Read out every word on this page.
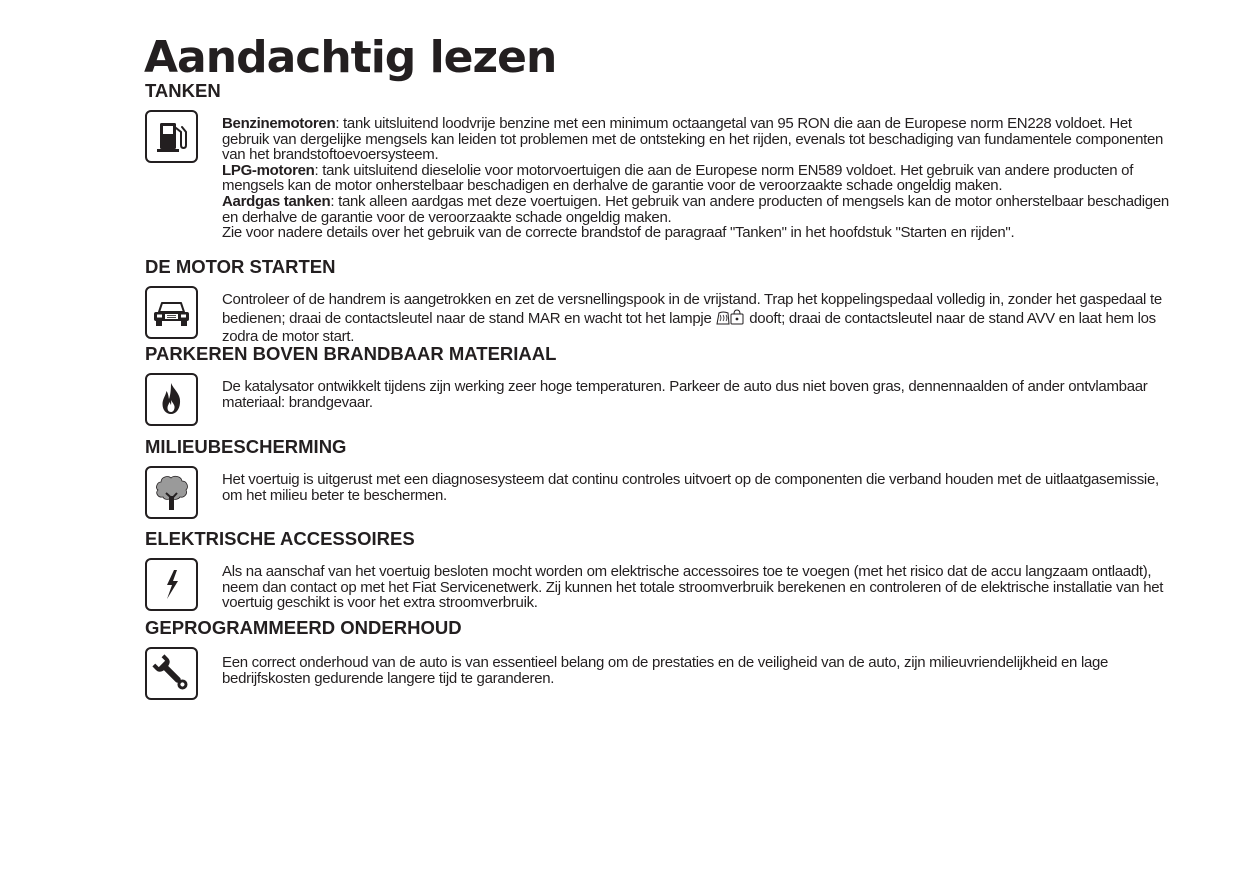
Aandachtig lezen
TANKEN

Benzinemotoren: tank uitsluitend loodvrije benzine met een minimum octaangetal van 95 RON die aan de Europese norm EN228 voldoet. Het gebruik van dergelijke mengsels kan leiden tot problemen met de ontsteking en het rijden, evenals tot beschadiging van fundamentele componenten van het brandstoftoevoersysteem.

LPG-motoren: tank uitsluitend dieselolie voor motorvoertuigen die aan de Europese norm EN589 voldoet. Het gebruik van andere producten of mengsels kan de motor onherstelbaar beschadigen en derhalve de garantie voor de veroorzaakte schade ongeldig maken.

Aardgas tanken: tank alleen aardgas met deze voertuigen. Het gebruik van andere producten of mengsels kan de motor onherstelbaar beschadigen en derhalve de garantie voor de veroorzaakte schade ongeldig maken.

Zie voor nadere details over het gebruik van de correcte brandstof de paragraaf "Tanken" in het hoofdstuk "Starten en rijden".

DE MOTOR STARTEN

Controleer of de handrem is aangetrokken en zet de versnellingspook in de vrijstand. Trap het koppelingspedaal volledig in, zonder het gaspedaal te bedienen; draai de contactsleutel naar de stand MAR en wacht tot het lampje	dooft; draai de contactsleutel naar de stand AVV en laat hem los zodra de motor start.

PARKEREN BOVEN BRANDBAAR MATERIAAL

De katalysator ontwikkelt tijdens zijn werking zeer hoge temperaturen. Parkeer de auto dus niet boven gras, dennennaalden of ander ontvlambaar materiaal: brandgevaar.

MILIEUBESCHERMING

Het voertuig is uitgerust met een diagnosesysteem dat continu controles uitvoert op de componenten die verband houden met de uitlaatgasemissie, om het milieu beter te beschermen.

ELEKTRISCHE ACCESSOIRES

Als na aanschaf van het voertuig besloten mocht worden om elektrische accessoires toe te voegen (met het risico dat de accu langzaam ontlaadt), neem dan contact op met het Fiat Servicenetwerk. Zij kunnen het totale stroomverbruik berekenen en controleren of de elektrische installatie van het voertuig geschikt is voor het extra stroomverbruik.

GEPROGRAMMEERD ONDERHOUD

Een correct onderhoud van de auto is van essentieel belang om de prestaties en de veiligheid van de auto, zijn milieuvriendelijkheid en lage bedrijfskosten gedurende langere tijd te garanderen.
